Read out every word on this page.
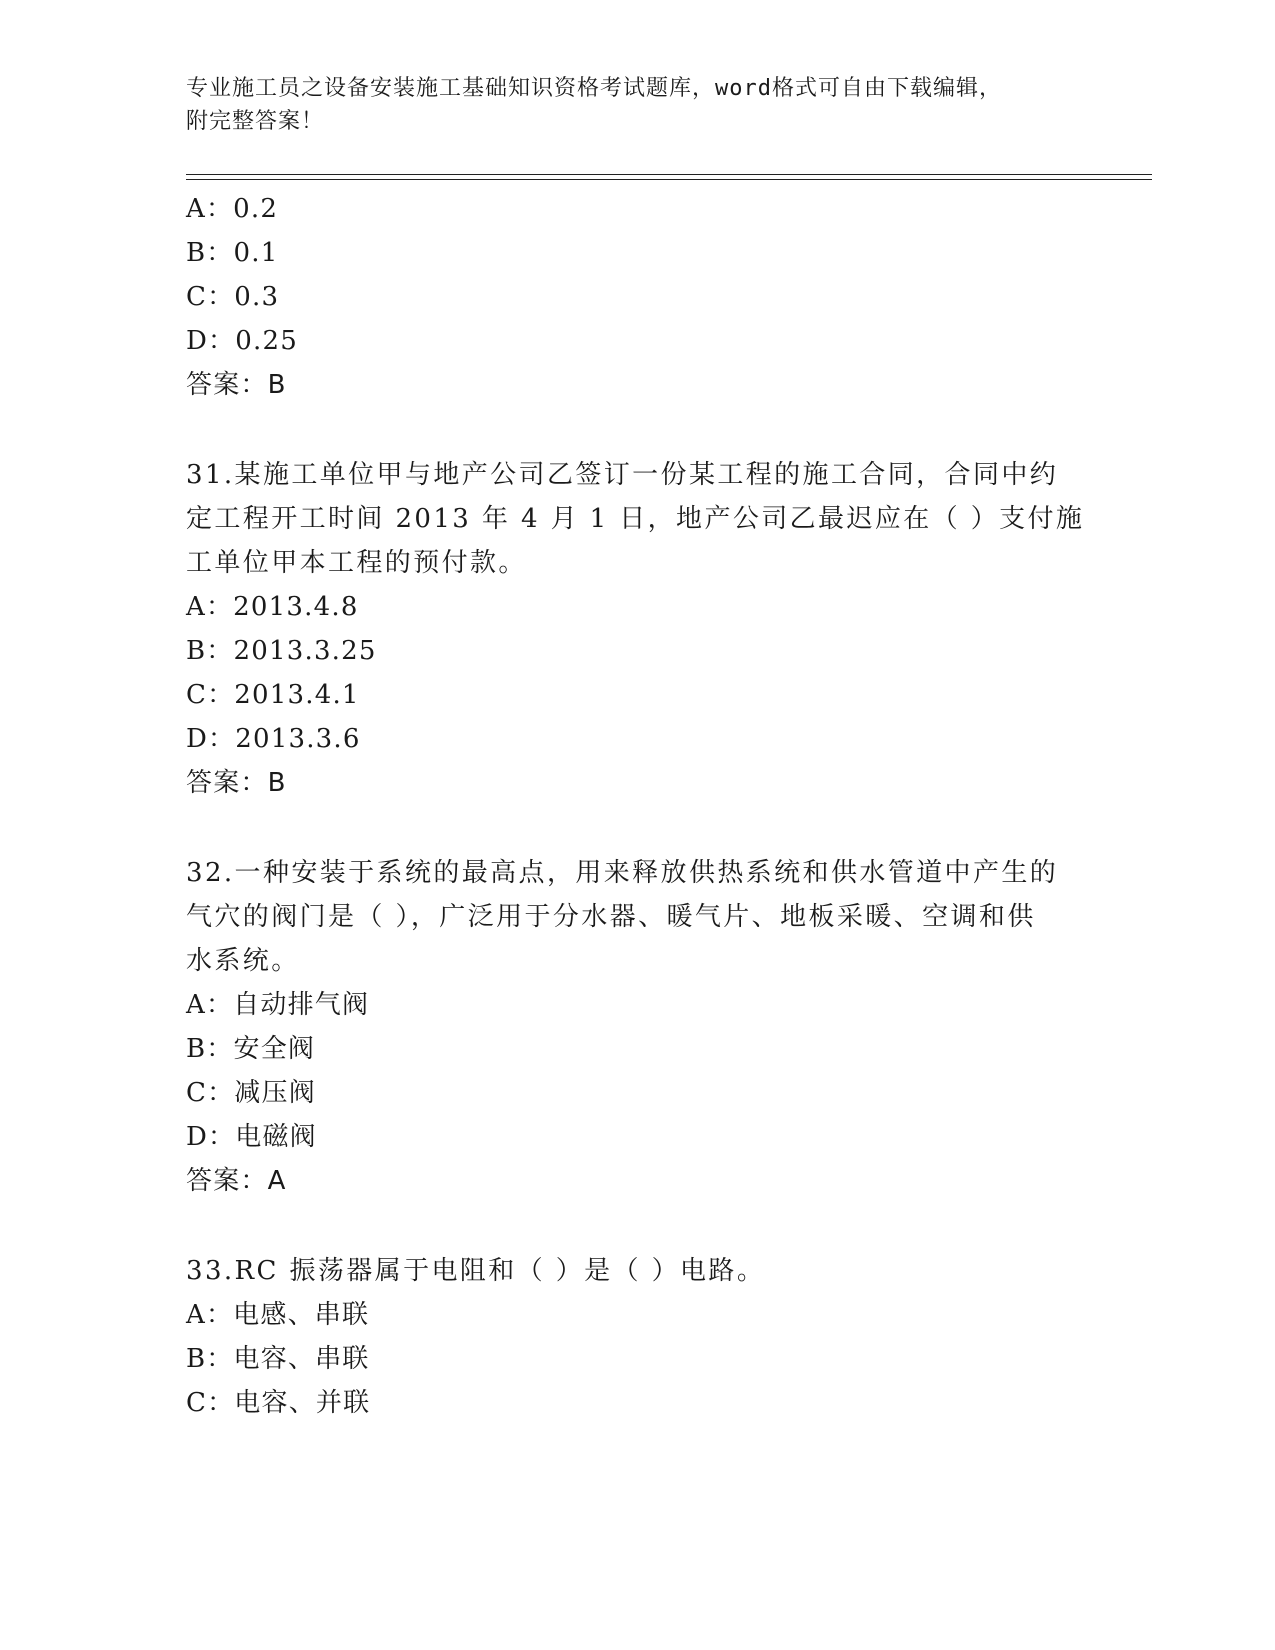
专业施工员之设备安装施工基础知识资格考试题库，word格式可自由下载编辑，
附完整答案！
A：0.2
B：0.1
C：0.3
D：0.25
答案：B
31.某施工单位甲与地产公司乙签订一份某工程的施工合同，合同中约
定工程开工时间 2013 年 4 月 1 日，地产公司乙最迟应在（ ）支付施
工单位甲本工程的预付款。
A：2013.4.8
B：2013.3.25
C：2013.4.1
D：2013.3.6
答案：B
32.一种安装于系统的最高点，用来释放供热系统和供水管道中产生的
气穴的阀门是（ ），广泛用于分水器、暖气片、地板采暖、空调和供
水系统。
A：自动排气阀
B：安全阀
C：减压阀
D：电磁阀
答案：A
33.RC 振荡器属于电阻和（ ）是（ ）电路。
A：电感、串联
B：电容、串联
C：电容、并联
